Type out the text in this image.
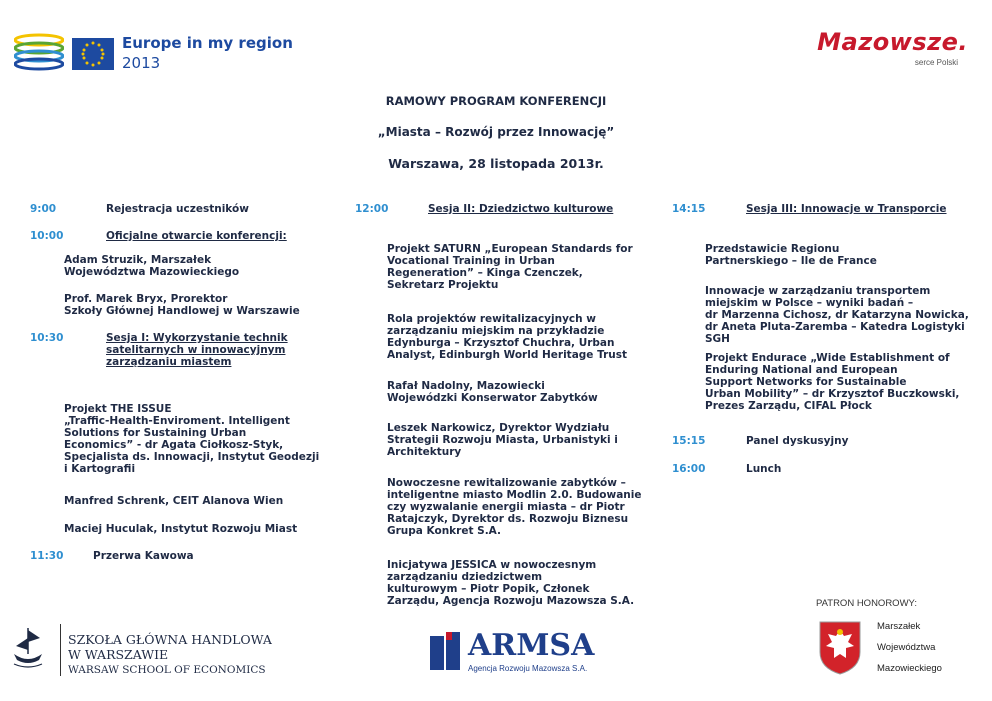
Europe in my region
2013
Mazowsze.
serce Polski
RAMOWY PROGRAM KONFERENCJI
„Miasta – Rozwój przez Innowację”
Warszawa, 28 listopada 2013r.
9:00	Rejestracja uczestników
10:00	Oficjalne otwarcie konferencji:
Adam Struzik, Marszałek
Województwa Mazowieckiego
Prof. Marek Bryx, Prorektor
Szkoły Głównej Handlowej w Warszawie
10:30	Sesja I: Wykorzystanie technik
satelitarnych w innowacyjnym
zarządzaniu miastem
Projekt THE ISSUE
„Traffic-Health-Enviroment. Intelligent
Solutions for Sustaining Urban
Economics” - dr Agata Ciołkosz-Styk,
Specjalista ds. Innowacji, Instytut Geodezji
i Kartografii
Manfred Schrenk, CEIT Alanova Wien
Maciej Huculak, Instytut Rozwoju Miast
11:30	Przerwa Kawowa
12:00	Sesja II: Dziedzictwo kulturowe
Projekt SATURN „European Standards for
Vocational Training in Urban
Regeneration” – Kinga Czenczek,
Sekretarz Projektu
Rola projektów rewitalizacyjnych w
zarządzaniu miejskim na przykładzie
Edynburga – Krzysztof Chuchra, Urban
Analyst, Edinburgh World Heritage Trust
Rafał Nadolny, Mazowiecki
Wojewódzki Konserwator Zabytków
Leszek Narkowicz, Dyrektor Wydziału
Strategii Rozwoju Miasta, Urbanistyki i
Architektury
Nowoczesne rewitalizowanie zabytków –
inteligentne miasto Modlin 2.0. Budowanie
czy wyzwalanie energii miasta – dr Piotr
Ratajczyk, Dyrektor ds. Rozwoju Biznesu
Grupa Konkret S.A.
Inicjatywa JESSICA w nowoczesnym
zarządzaniu dziedzictwem
kulturowym – Piotr Popik, Członek
Zarządu, Agencja Rozwoju Mazowsza S.A.
14:15	Sesja III: Innowacje w Transporcie
Przedstawicie Regionu
Partnerskiego – Ile de France
Innowacje w zarządzaniu transportem
miejskim w Polsce – wyniki badań –
dr Marzenna Cichosz, dr Katarzyna Nowicka,
dr Aneta Pluta-Zaremba – Katedra Logistyki SGH
Projekt Endurace „Wide Establishment of
Enduring National and European
Support Networks for Sustainable
Urban Mobility” – dr Krzysztof Buczkowski,
Prezes Zarządu, CIFAL Płock
15:15	Panel dyskusyjny
16:00	Lunch
SZKOŁA GŁÓWNA HANDLOWA
W WARSZAWIE
WARSAW SCHOOL OF ECONOMICS
ARMSA
Agencja Rozwoju Mazowsza S.A.
PATRON HONOROWY:
Marszałek
Województwa
Mazowieckiego
